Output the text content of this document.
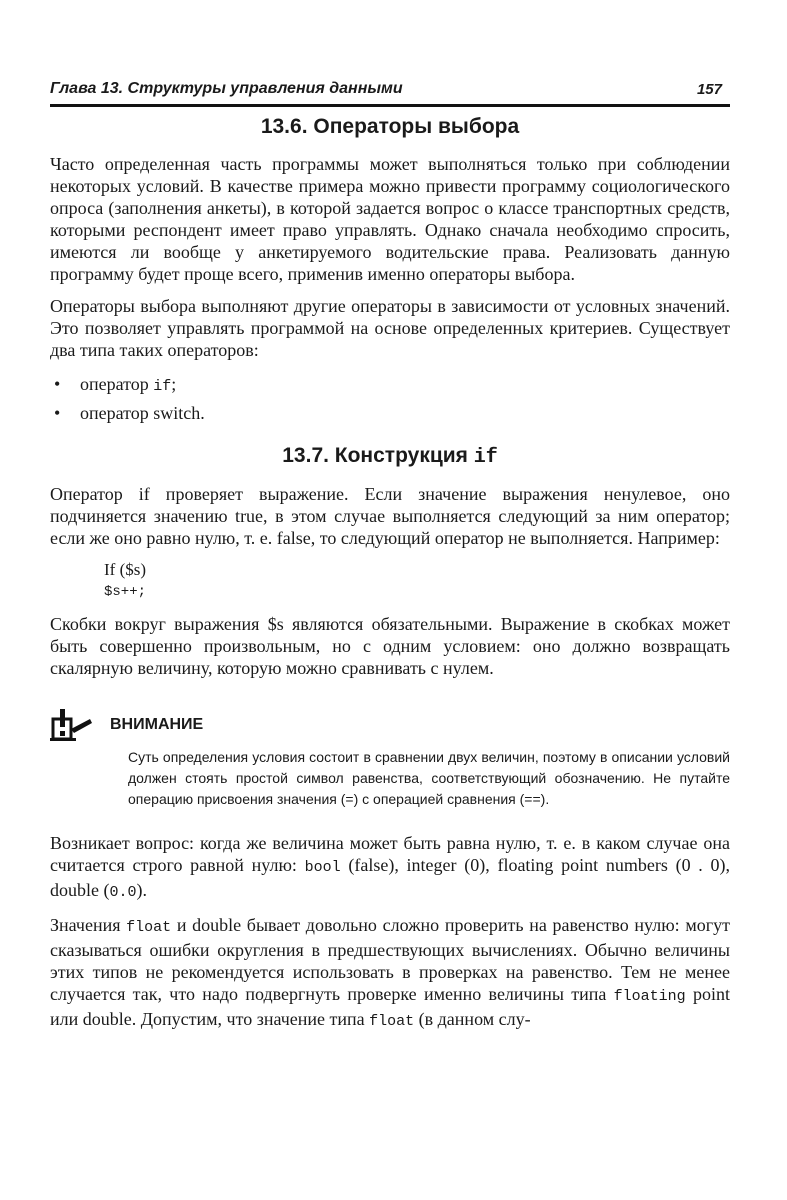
Глава 13. Структуры управления данными	157
13.6. Операторы выбора

Часто определенная часть программы может выполняться только при соблюдении некоторых условий. В качестве примера можно привести программу социологического опроса (заполнения анкеты), в которой задается вопрос о классе транспортных средств, которыми респондент имеет право управлять. Однако сначала необходимо спросить, имеются ли вообще у анкетируемого водительские права. Реализовать данную программу будет проще всего, применив именно операторы выбора.

Операторы выбора выполняют другие операторы в зависимости от условных значений. Это позволяет управлять программой на основе определенных критериев. Существует два типа таких операторов:

• оператор if;
• оператор switch.
13.7. Конструкция if

Оператор if проверяет выражение. Если значение выражения ненулевое, оно подчиняется значению true, в этом случае выполняется следующий за ним оператор; если же оно равно нулю, т. е. false, то следующий оператор не выполняется. Например:

If ($s)
$s++;

Скобки вокруг выражения $s являются обязательными. Выражение в скобках может быть совершенно произвольным, но с одним условием: оно должно возвращать скалярную величину, которую можно сравнивать с нулем.

ВНИМАНИЕ
Суть определения условия состоит в сравнении двух величин, поэтому в описании условий должен стоять простой символ равенства, соответствующий обозначению. Не путайте операцию присвоения значения (=) с операцией сравнения (==).

Возникает вопрос: когда же величина может быть равна нулю, т. е. в каком случае она считается строго равной нулю: bool (false), integer (0), floating point numbers (0 . 0), double (0.0).

Значения float и double бывает довольно сложно проверить на равенство нулю: могут сказываться ошибки округления в предшествующих вычислениях. Обычно величины этих типов не рекомендуется использовать в проверках на равенство. Тем не менее случается так, что надо подвергнуть проверке именно величины типа floating point или double. Допустим, что значение типа float (в данном слу-
